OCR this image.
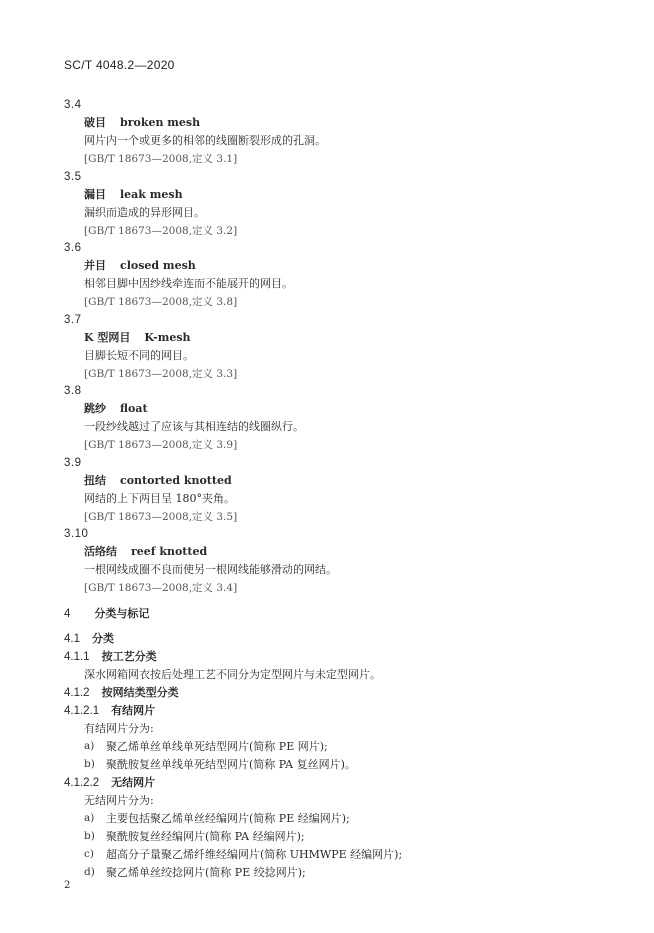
SC/T 4048.2—2020
3.4
破目 broken mesh
网片内一个或更多的相邻的线圈断裂形成的孔洞。
[GB/T 18673—2008,定义 3.1]
3.5
漏目 leak mesh
漏织而造成的异形网目。
[GB/T 18673—2008,定义 3.2]
3.6
并目 closed mesh
相邻目脚中因纱线牵连而不能展开的网目。
[GB/T 18673—2008,定义 3.8]
3.7
K 型网目 K-mesh
目脚长短不同的网目。
[GB/T 18673—2008,定义 3.3]
3.8
跳纱 float
一段纱线越过了应该与其相连结的线圈纵行。
[GB/T 18673—2008,定义 3.9]
3.9
扭结 contorted knotted
网结的上下两目呈 180°夹角。
[GB/T 18673—2008,定义 3.5]
3.10
活络结 reef knotted
一根网线成圈不良而使另一根网线能够滑动的网结。
[GB/T 18673—2008,定义 3.4]
4 分类与标记
4.1 分类
4.1.1 按工艺分类
深水网箱网衣按后处理工艺不同分为定型网片与未定型网片。
4.1.2 按网结类型分类
4.1.2.1 有结网片
有结网片分为:
a) 聚乙烯单丝单线单死结型网片(简称 PE 网片);
b) 聚酰胺复丝单线单死结型网片(简称 PA 复丝网片)。
4.1.2.2 无结网片
无结网片分为:
a) 主要包括聚乙烯单丝经编网片(简称 PE 经编网片);
b) 聚酰胺复丝经编网片(简称 PA 经编网片);
c) 超高分子量聚乙烯纤维经编网片(简称 UHMWPE 经编网片);
d) 聚乙烯单丝绞捻网片(简称 PE 绞捻网片);
2
